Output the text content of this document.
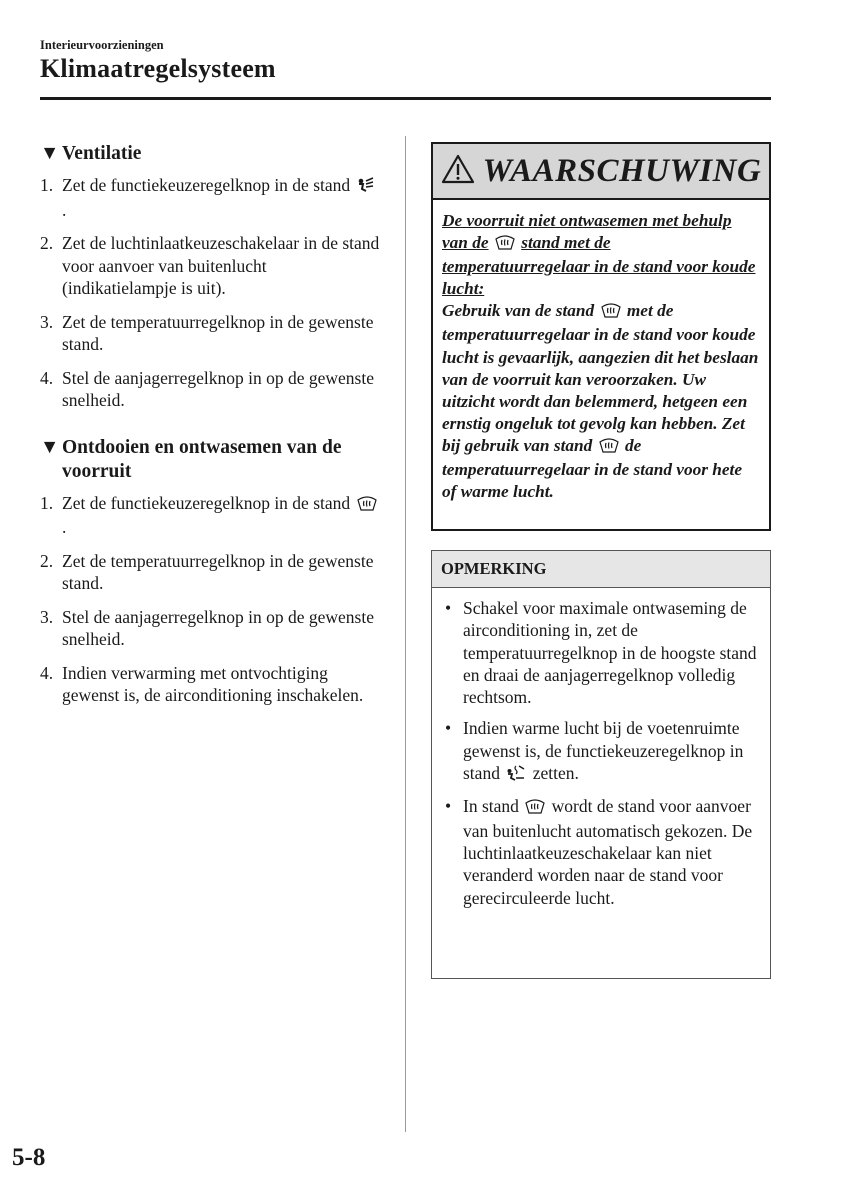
Interieurvoorzieningen
Klimaatregelsysteem
▼ Ventilatie
1. Zet de functiekeuzeregelknop in de stand  .
2. Zet de luchtinlaatkeuzeschakelaar in de stand voor aanvoer van buitenlucht (indikatielampje is uit).
3. Zet de temperatuurregelknop in de gewenste stand.
4. Stel de aanjagerregelknop in op de gewenste snelheid.
▼ Ontdooien en ontwasemen van de voorruit
1. Zet de functiekeuzeregelknop in de stand  .
2. Zet de temperatuurregelknop in de gewenste stand.
3. Stel de aanjagerregelknop in op de gewenste snelheid.
4. Indien verwarming met ontvochtiging gewenst is, de airconditioning inschakelen.
WAARSCHUWING
De voorruit niet ontwasemen met behulp van de stand met de temperatuurregelaar in de stand voor koude lucht:
Gebruik van de stand met de temperatuurregelaar in de stand voor koude lucht is gevaarlijk, aangezien dit het beslaan van de voorruit kan veroorzaken. Uw uitzicht wordt dan belemmerd, hetgeen een ernstig ongeluk tot gevolg kan hebben. Zet bij gebruik van stand de temperatuurregelaar in de stand voor hete of warme lucht.
OPMERKING
• Schakel voor maximale ontwaseming de airconditioning in, zet de temperatuurregelknop in de hoogste stand en draai de aanjagerregelknop volledig rechtsom.
• Indien warme lucht bij de voetenruimte gewenst is, de functiekeuzeregelknop in stand zetten.
• In stand wordt de stand voor aanvoer van buitenlucht automatisch gekozen. De luchtinlaatkeuzeschakelaar kan niet veranderd worden naar de stand voor gerecirculeerde lucht.
5-8
